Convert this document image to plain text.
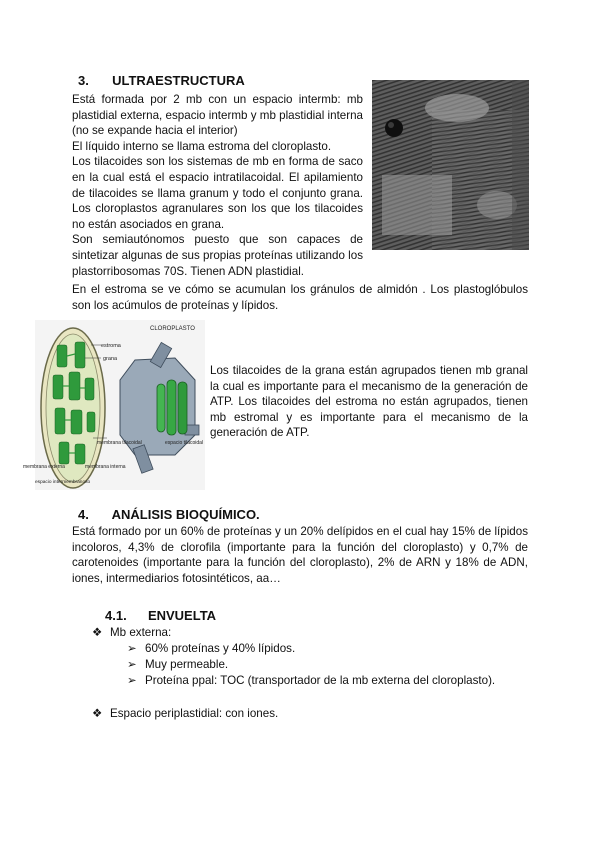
3. ULTRAESTRUCTURA
Está formada por 2 mb con un espacio intermb: mb plastidial externa, espacio intermb y mb plastidial interna (no se expande hacia el interior)
El líquido interno se llama estroma del cloroplasto.
Los tilacoides son los sistemas de mb en forma de saco en la cual está el espacio intratilacoidal. El apilamiento de tilacoides se llama granum y todo el conjunto grana. Los cloroplastos agranulares son los que los tilacoides no están asociados en grana.
Son semiautónomos puesto que son capaces de sintetizar algunas de sus propias proteínas utilizando los plastorribosomas 70S. Tienen ADN plastidial.
En el estroma se ve cómo se acumulan los gránulos de almidón . Los plastoglóbulos son los acúmulos de proteínas y lípidos.
CLOROPLASTO
estroma
grana
membrana tilacoidal
membrana externa	membrana interna
espacio intermembranoso
espacio tilacoidal
Los tilacoides de la grana están agrupados tienen mb granal la cual es importante para el mecanismo de la generación de ATP. Los tilacoides del estroma no están agrupados, tienen mb estromal y es importante para el mecanismo de la generación de ATP.
4. ANÁLISIS BIOQUÍMICO.
Está formado por un 60% de proteínas y un 20% delípidos en el cual hay 15% de lípidos incoloros, 4,3% de clorofila (importante para la función del cloroplasto) y 0,7% de carotenoides (importante para la función del cloroplasto), 2% de ARN y 18% de ADN, iones, intermediarios fotosintéticos, aa…
4.1. ENVUELTA
❖ Mb externa:
➢ 60% proteínas y 40% lípidos.
➢ Muy permeable.
➢ Proteína ppal: TOC (transportador de la mb externa del cloroplasto).
❖ Espacio periplastidial: con iones.
